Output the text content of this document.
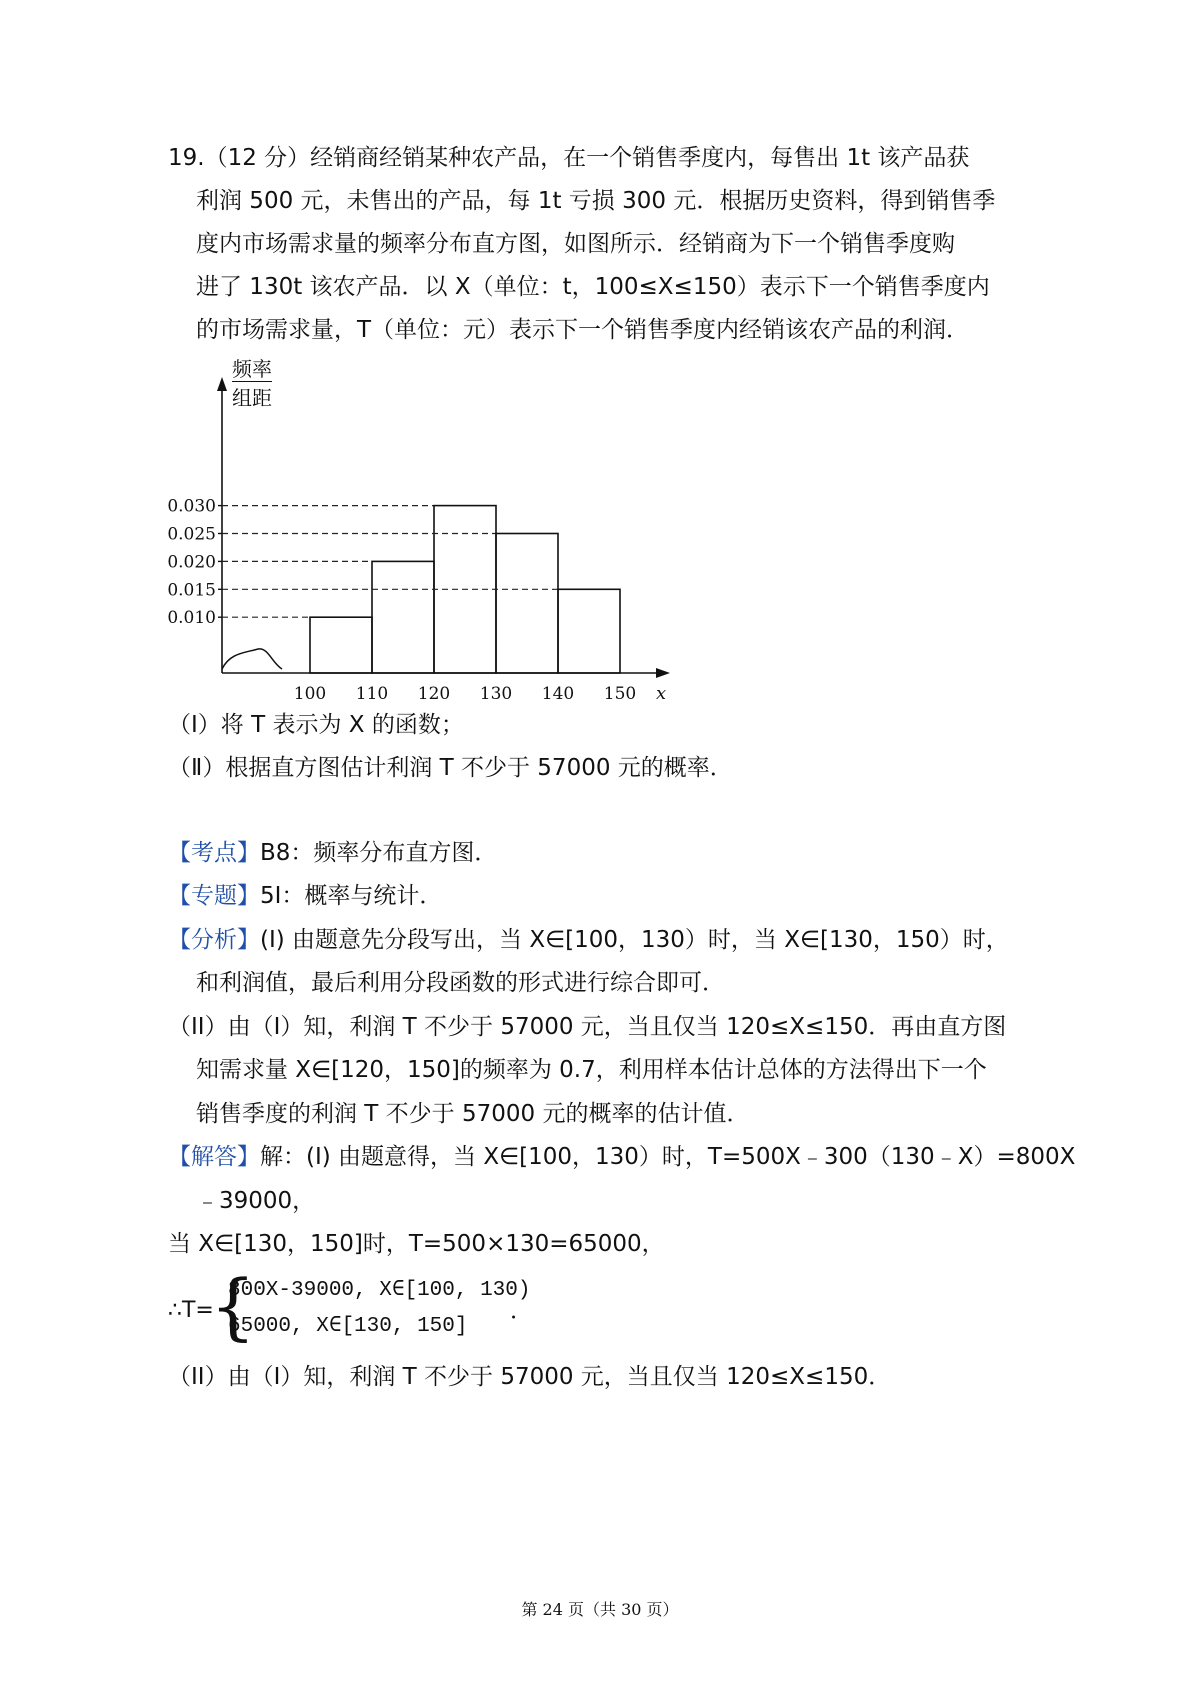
19.（12 分）经销商经销某种农产品，在一个销售季度内，每售出 1t 该产品获
利润 500 元，未售出的产品，每 1t 亏损 300 元．根据历史资料，得到销售季
度内市场需求量的频率分布直方图，如图所示．经销商为下一个销售季度购
进了 130t 该农产品．以 X（单位：t，100≤X≤150）表示下一个销售季度内
的市场需求量，T（单位：元）表示下一个销售季度内经销该农产品的利润．
频率
组距
0.010
0.015
0.020
0.025
0.030
100 110 120 130 140 150 x
（Ⅰ）将 T 表示为 X 的函数；
（Ⅱ）根据直方图估计利润 T 不少于 57000 元的概率．
【考点】B8：频率分布直方图．
【专题】5I：概率与统计．
【分析】(I) 由题意先分段写出，当 X∈[100，130）时，当 X∈[130，150）时，
和利润值，最后利用分段函数的形式进行综合即可．
（II）由（I）知，利润 T 不少于 57000 元，当且仅当 120≤X≤150．再由直方图
知需求量 X∈[120，150]的频率为 0.7，利用样本估计总体的方法得出下一个
销售季度的利润 T 不少于 57000 元的概率的估计值．
【解答】解：(I) 由题意得，当 X∈[100，130）时，T=500X﹣300（130﹣X）=800X
﹣39000，
当 X∈[130，150]时，T=500×130=65000，
∴T=
{
800X-39000, X∈[100, 130)
65000, X∈[130, 150]
．
（II）由（I）知，利润 T 不少于 57000 元，当且仅当 120≤X≤150．
第 24 页（共 30 页）
